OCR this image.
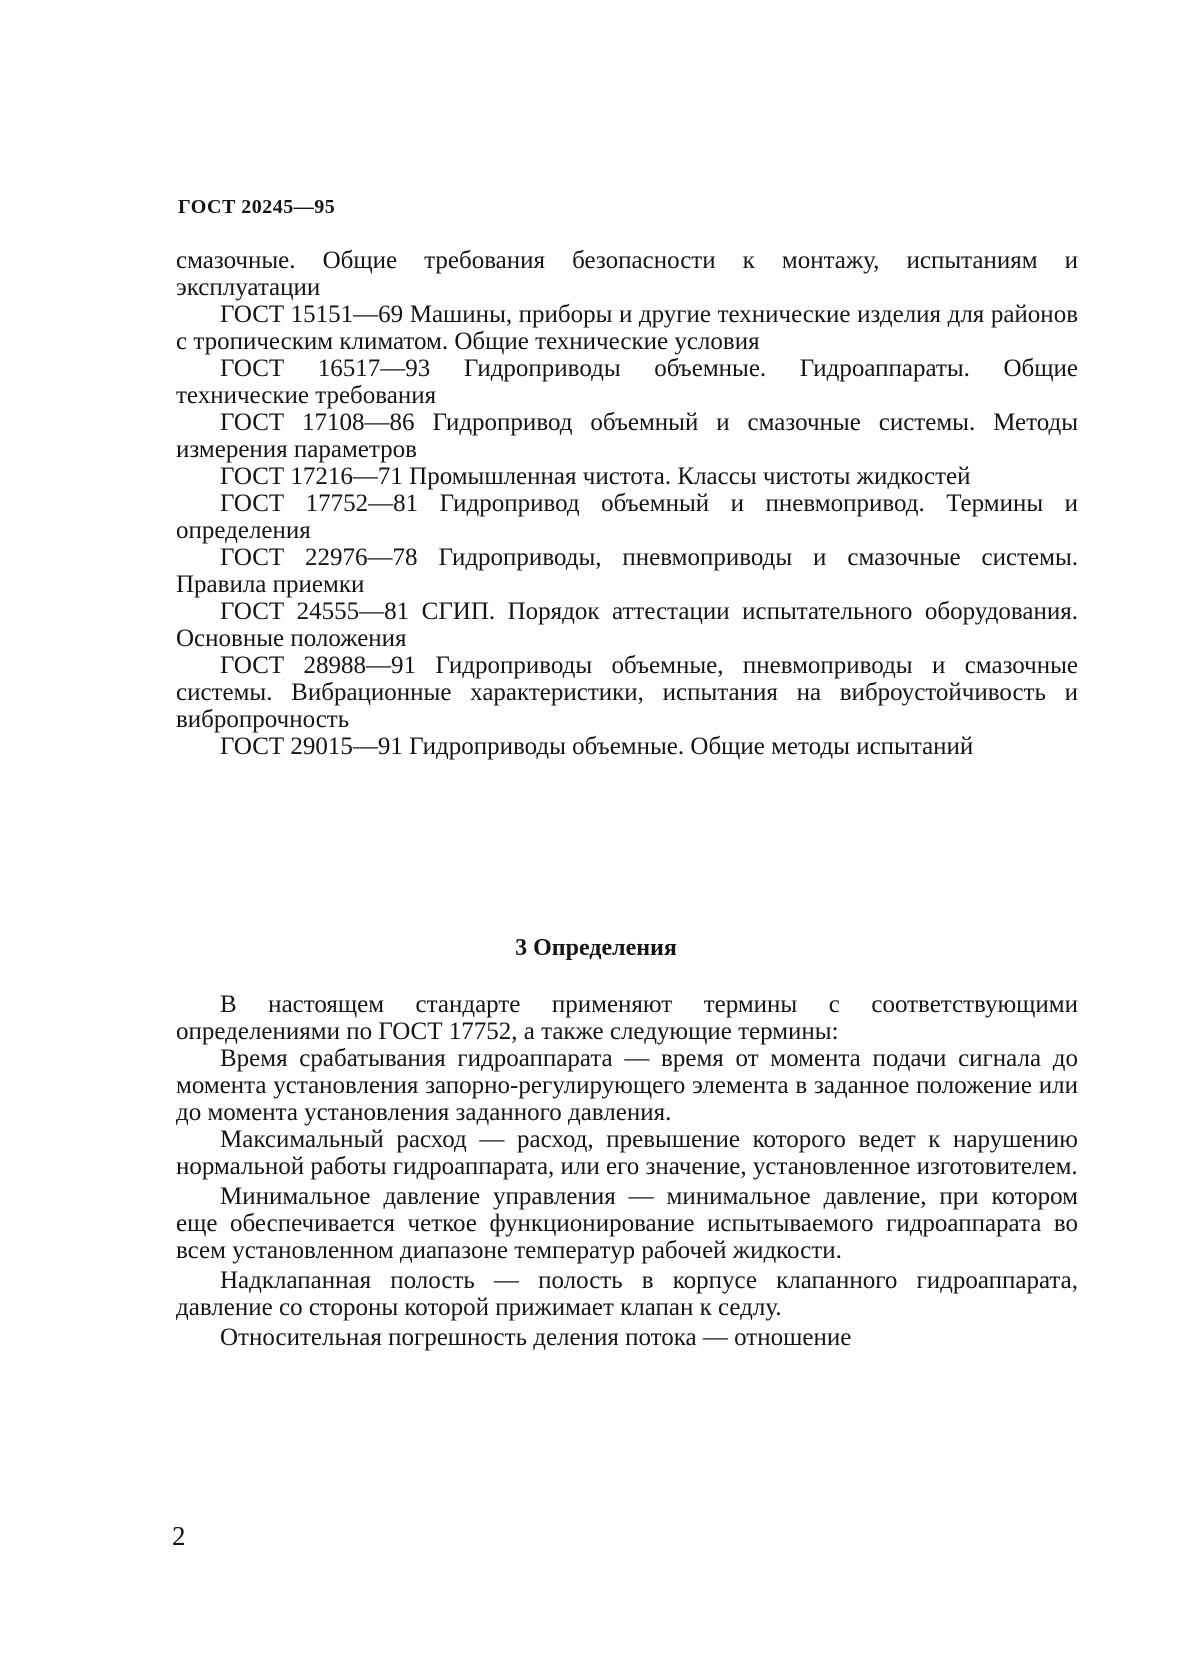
ГОСТ 20245—95

смазочные. Общие требования безопасности к монтажу, испытаниям и эксплуатации

ГОСТ 15151—69 Машины, приборы и другие технические изделия для районов с тропическим климатом. Общие технические условия

ГОСТ 16517—93 Гидроприводы объемные. Гидроаппараты. Общие технические требования

ГОСТ 17108—86 Гидропривод объемный и смазочные системы. Методы измерения параметров

ГОСТ 17216—71 Промышленная чистота. Классы чистоты жидкостей

ГОСТ 17752—81 Гидропривод объемный и пневмопривод. Термины и определения

ГОСТ 22976—78 Гидроприводы, пневмоприводы и смазочные системы. Правила приемки

ГОСТ 24555—81 СГИП. Порядок аттестации испытательного оборудования. Основные положения

ГОСТ 28988—91 Гидроприводы объемные, пневмоприводы и смазочные системы. Вибрационные характеристики, испытания на виброустойчивость и вибропрочность

ГОСТ 29015—91 Гидроприводы объемные. Общие методы испытаний

3 Определения

В настоящем стандарте применяют термины с соответствующими определениями по ГОСТ 17752, а также следующие термины:

Время срабатывания гидроаппарата — время от момента подачи сигнала до момента установления запорно-регулирующего элемента в заданное положение или до момента установления заданного давления.

Максимальный расход — расход, превышение которого ведет к нарушению нормальной работы гидроаппарата, или его значение, установленное изготовителем.

Минимальное давление управления — минимальное давление, при котором еще обеспечивается четкое функционирование испытываемого гидроаппарата во всем установленном диапазоне температур рабочей жидкости.

Надклапанная полость — полость в корпусе клапанного гидроаппарата, давление со стороны которой прижимает клапан к седлу.

Относительная погрешность деления потока — отношение

2
